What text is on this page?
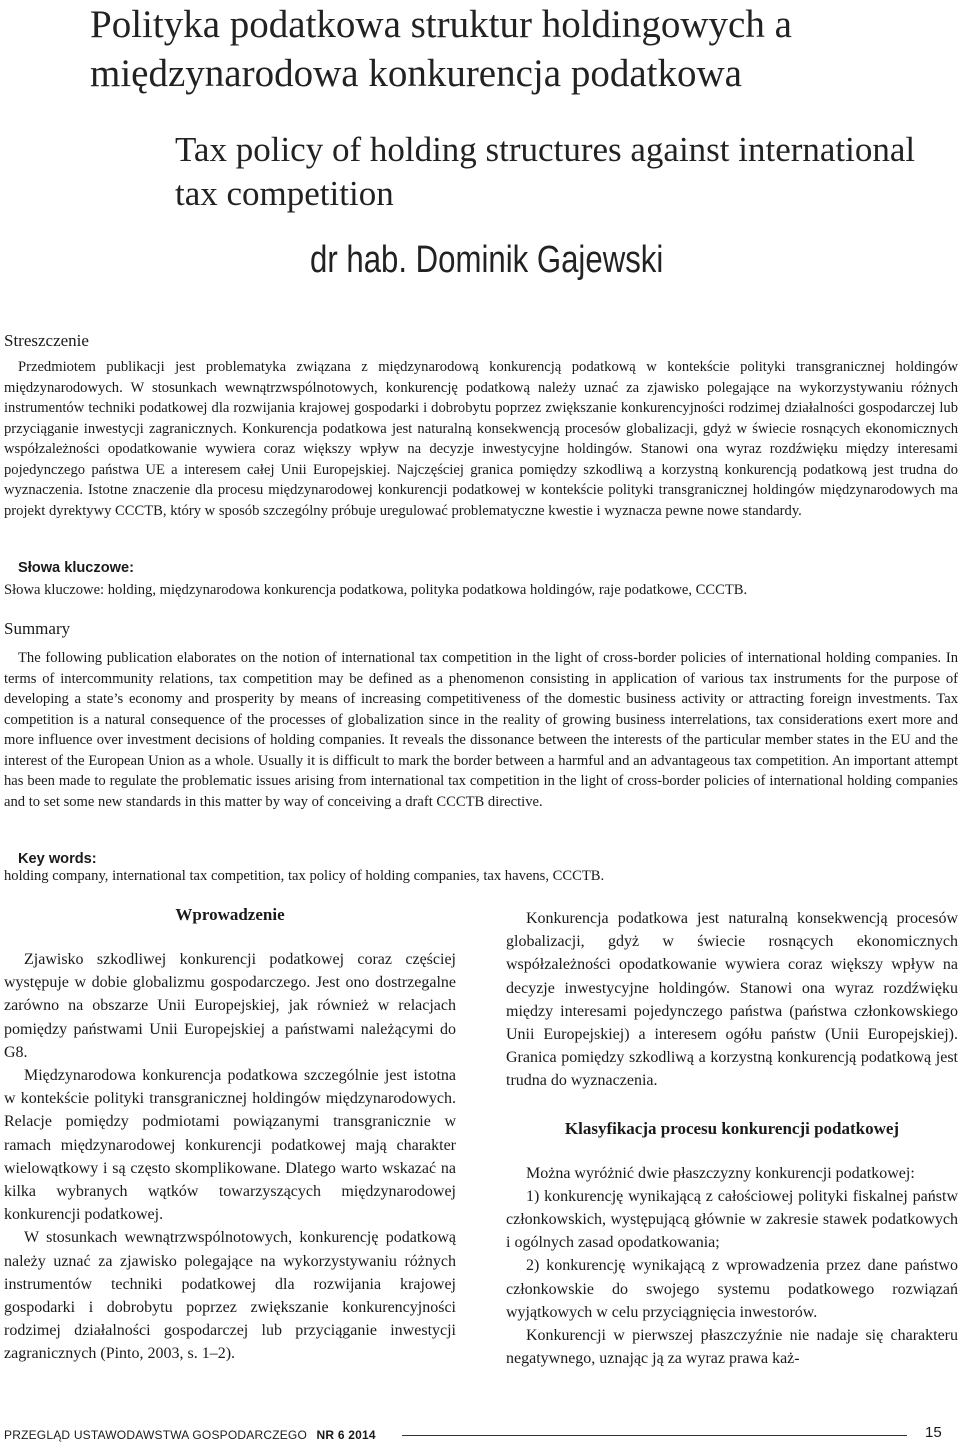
Polityka podatkowa struktur holdingowych a międzynarodowa konkurencja podatkowa
Tax policy of holding structures against international tax competition
dr hab. Dominik Gajewski
Streszczenie

Przedmiotem publikacji jest problematyka związana z międzynarodową konkurencją podatkową w kontekście polityki transgranicznej holdingów międzynarodowych. W stosunkach wewnątrzwspólnotowych, konkurencję podatkową należy uznać za zjawisko polegające na wykorzystywaniu różnych instrumentów techniki podatkowej dla rozwijania krajowej gospodarki i dobrobytu poprzez zwiększanie konkurencyjności rodzimej działalności gospodarczej lub przyciąganie inwestycji zagranicznych. Konkurencja podatkowa jest naturalną konsekwencją procesów globalizacji, gdyż w świecie rosnących ekonomicznych współzależności opodatkowanie wywiera coraz większy wpływ na decyzje inwestycyjne holdingów. Stanowi ona wyraz rozdźwięku między interesami pojedynczego państwa UE a interesem całej Unii Europejskiej. Najczęściej granica pomiędzy szkodliwą a korzystną konkurencją podatkową jest trudna do wyznaczenia. Istotne znaczenie dla procesu międzynarodowej konkurencji podatkowej w kontekście polityki transgranicznej holdingów międzynarodowych ma projekt dyrektywy CCCTB, który w sposób szczególny próbuje uregulować problematyczne kwestie i wyznacza pewne nowe standardy.

Słowa kluczowe:

Słowa kluczowe: holding, międzynarodowa konkurencja podatkowa, polityka podatkowa holdingów, raje podatkowe, CCCTB.

Summary

The following publication elaborates on the notion of international tax competition in the light of cross-border policies of international holding companies. In terms of intercommunity relations, tax competition may be defined as a phenomenon consisting in application of various tax instruments for the purpose of developing a state’s economy and prosperity by means of increasing competitiveness of the domestic business activity or attracting foreign investments. Tax competition is a natural consequence of the processes of globalization since in the reality of growing business interrelations, tax considerations exert more and more influence over investment decisions of holding companies. It reveals the dissonance between the interests of the particular member states in the EU and the interest of the European Union as a whole. Usually it is difficult to mark the border between a harmful and an advantageous tax competition. An important attempt has been made to regulate the problematic issues arising from international tax competition in the light of cross-border policies of international holding companies and to set some new standards in this matter by way of conceiving a draft CCCTB directive.

Key words:

holding company, international tax competition, tax policy of holding companies, tax havens, CCCTB.

Wprowadzenie

Zjawisko szkodliwej konkurencji podatkowej coraz częściej występuje w dobie globalizmu gospodarczego. Jest ono dostrzegalne zarówno na obszarze Unii Europejskiej, jak również w relacjach pomiędzy państwami Unii Europejskiej a państwami należącymi do G8.

Międzynarodowa konkurencja podatkowa szczególnie jest istotna w kontekście polityki transgranicznej holdingów międzynarodowych. Relacje pomiędzy podmiotami powiązanymi transgranicznie w ramach międzynarodowej konkurencji podatkowej mają charakter wielowątkowy i są często skomplikowane. Dlatego warto wskazać na kilka wybranych wątków towarzyszących międzynarodowej konkurencji podatkowej.

W stosunkach wewnątrzwspólnotowych, konkurencję podatkową należy uznać za zjawisko polegające na wykorzystywaniu różnych instrumentów techniki podatkowej dla rozwijania krajowej gospodarki i dobrobytu poprzez zwiększanie konkurencyjności rodzimej działalności gospodarczej lub przyciąganie inwestycji zagranicznych (Pinto, 2003, s. 1–2).

Konkurencja podatkowa jest naturalną konsekwencją procesów globalizacji, gdyż w świecie rosnących ekonomicznych współzależności opodatkowanie wywiera coraz większy wpływ na decyzje inwestycyjne holdingów. Stanowi ona wyraz rozdźwięku między interesami pojedynczego państwa (państwa członkowskiego Unii Europejskiej) a interesem ogółu państw (Unii Europejskiej). Granica pomiędzy szkodliwą a korzystną konkurencją podatkową jest trudna do wyznaczenia.

Klasyfikacja procesu konkurencji podatkowej

Można wyróżnić dwie płaszczyzny konkurencji podatkowej:

1) konkurencję wynikającą z całościowej polityki fiskalnej państw członkowskich, występującą głównie w zakresie stawek podatkowych i ogólnych zasad opodatkowania;

2) konkurencję wynikającą z wprowadzenia przez dane państwo członkowskie do swojego systemu podatkowego rozwiązań wyjątkowych w celu przyciągnięcia inwestorów.

Konkurencji w pierwszej płaszczyźnie nie nadaje się charakteru negatywnego, uznając ją za wyraz prawa każ-

PRZEGLĄD USTAWODAWSTWA GOSPODARCZEGO NR 6 2014	15
